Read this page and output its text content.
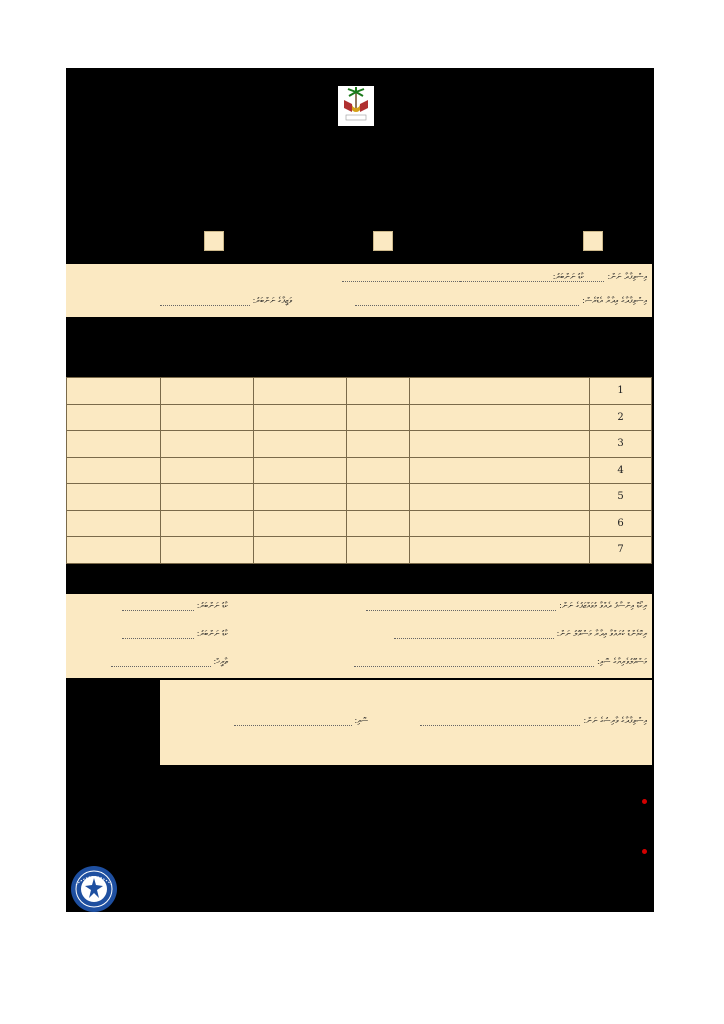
ކާޑު ނަންބަރު:	އިސްތިފާދާ ނަން:
ވަޒީފާގެ ނަންބަރު:	އިސްތިފާދާގެ އިދާރާ އެޑްރެސް:
					1
					2
					3
					4
					5
					6
					7
ކާޑު ނަންބަރު:	ރިކޯޑް އިންސާފު ދެއްވާ މުވައްޒަފުގެ ނަން:
ކާޑު ނަންބަރު:	ރިކޮމެންޑް ކުރައްވާ އިދާރާ މަސްއޫލު ނަން:
ތާރީޚް:	މަސްއޫލުވެރިޔާގެ ސޮއި:
ސޮއި:	އިސްތިފާދާގެ ވާރިސުގެ ނަން:
